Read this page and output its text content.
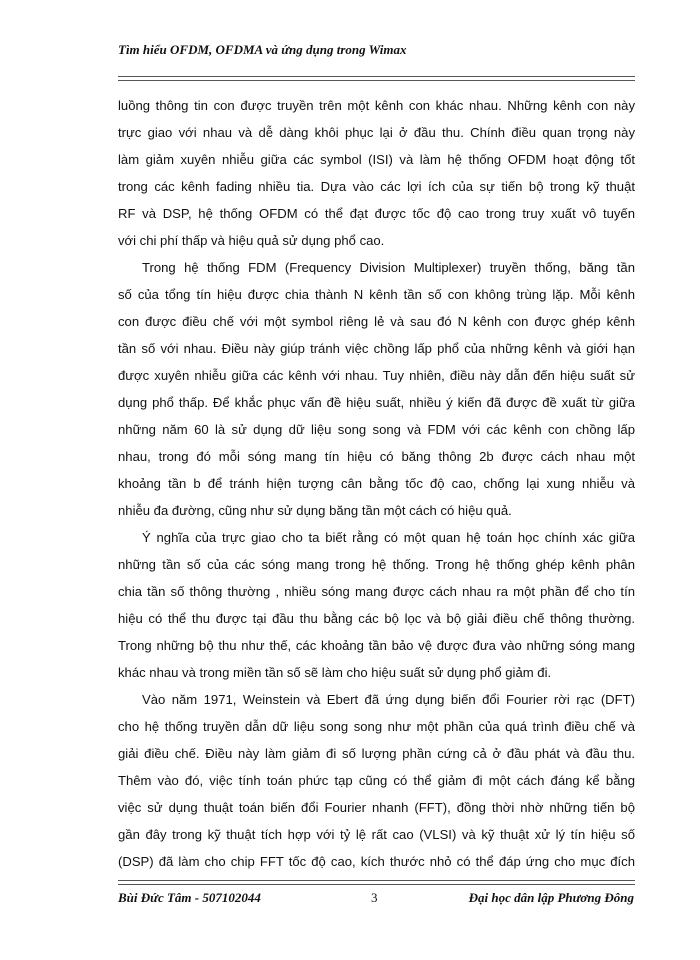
Tìm hiểu OFDM, OFDMA và ứng dụng trong Wimax
luồng thông tin con được truyền trên một kênh con khác nhau. Những kênh con này
trực giao với nhau và dễ dàng khôi phục lại ở đầu thu. Chính điều quan trọng này
làm giảm xuyên nhiễu giữa các symbol (ISI) và làm hệ thống OFDM hoạt động tốt
trong các kênh fading nhiều tia. Dựa vào các lợi ích của sự tiến bộ trong kỹ thuật
RF và DSP, hệ thống OFDM có thể đạt được tốc độ cao trong truy xuất vô tuyến
với chi phí thấp và hiệu quả sử dụng phổ cao.
Trong hệ thống FDM (Frequency Division Multiplexer) truyền thống, băng tần
số của tổng tín hiệu được chia thành N kênh tần số con không trùng lặp. Mỗi kênh
con được điều chế với một symbol riêng lẻ và sau đó N kênh con được ghép kênh
tần số với nhau. Điều này giúp tránh việc chồng lấp phổ của những kênh và giới hạn
được xuyên nhiễu giữa các kênh với nhau. Tuy nhiên, điều này dẫn đến hiệu suất sử
dụng phổ thấp. Để khắc phục vấn đề hiệu suất, nhiều ý kiến đã được đề xuất từ giữa
những năm 60 là sử dụng dữ liệu song song và FDM với các kênh con chồng lấp
nhau, trong đó mỗi sóng mang tín hiệu có băng thông 2b được cách nhau một
khoảng tần b để tránh hiện tượng cân bằng tốc độ cao, chống lại xung nhiễu và
nhiễu đa đường, cũng như sử dụng băng tần một cách có hiệu quả.
Ý nghĩa của trực giao cho ta biết rằng có một quan hệ toán học chính xác giữa
những tần số của các sóng mang trong hệ thống. Trong hệ thống ghép kênh phân
chia tần số thông thường , nhiều sóng mang được cách nhau ra một phần để cho tín
hiệu có thể thu được tại đầu thu bằng các bộ lọc và bộ giải điều chế thông thường.
Trong những bộ thu như thế, các khoảng tần bảo vệ được đưa vào những sóng mang
khác nhau và trong miền tần số sẽ làm cho hiệu suất sử dụng phổ giảm đi.
Vào năm 1971, Weinstein và Ebert đã ứng dụng biến đổi Fourier rời rạc (DFT)
cho hệ thống truyền dẫn dữ liệu song song như một phần của quá trình điều chế và
giải điều chế. Điều này làm giảm đi số lượng phần cứng cả ở đầu phát và đầu thu.
Thêm vào đó, việc tính toán phức tạp cũng có thể giảm đi một cách đáng kể bằng
việc sử dụng thuật toán biến đổi Fourier nhanh (FFT), đồng thời nhờ những tiến bộ
gần đây trong kỹ thuật tích hợp với tỷ lệ rất cao (VLSI) và kỹ thuật xử lý tín hiệu số
(DSP) đã làm cho chip FFT tốc độ cao, kích thước nhỏ có thể đáp ứng cho mục đích
Bùi Đức Tâm - 507102044	3	Đại học dân lập Phương Đông
